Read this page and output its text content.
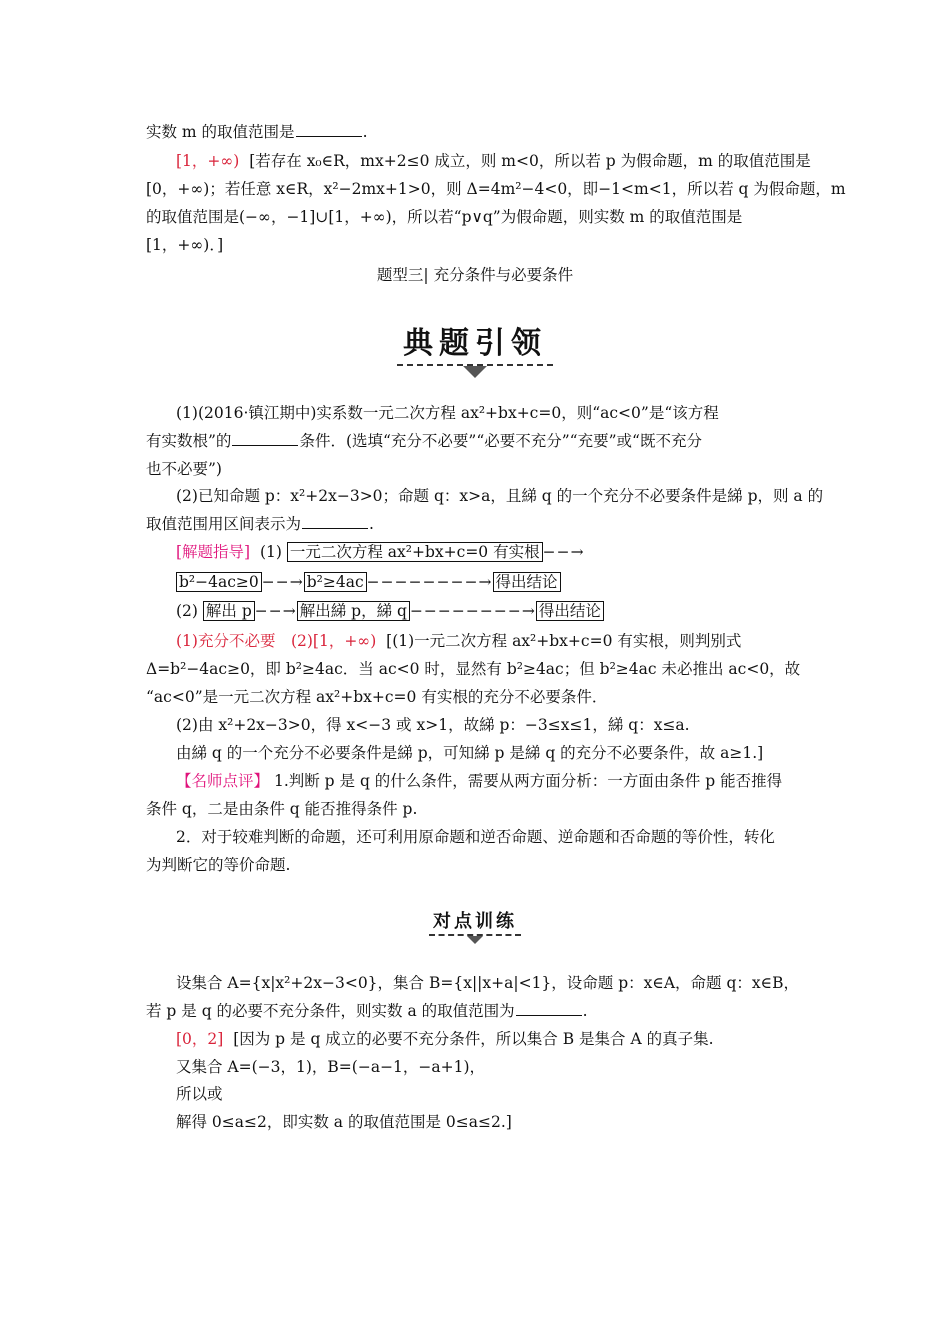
实数 m 的取值范围是	.
[1，+∞) [若存在 x₀∈R，mx+2≤0 成立，则 m<0，所以若 p 为假命题，m 的取值范围是
[0，+∞)；若任意 x∈R，x²−2mx+1>0，则 Δ=4m²−4<0，即−1<m<1，所以若 q 为假命题，m
的取值范围是(−∞，−1]∪[1，+∞)，所以若“p∨q”为假命题，则实数 m 的取值范围是
[1，+∞)．]
题型三| 充分条件与必要条件
典题引领
(1)(2016·镇江期中)实系数一元二次方程 ax²+bx+c=0，则“ac<0”是“该方程
有实数根”的	条件．(选填“充分不必要”“必要不充分”“充要”或“既不充分
也不必要”)
(2)已知命题 p：x²+2x−3>0；命题 q：x>a，且綈 q 的一个充分不必要条件是綈 p，则 a 的
取值范围用区间表示为	.
[解题指导] (1) 一元二次方程 ax²+bx+c=0 有实根 −−→
b²−4ac≥0 −−→ b²≥4ac −−−−−−−−→ 得出结论
(2) 解出 p −−→ 解出綈 p，綈 q −−−−−−−−→ 得出结论
(1)充分不必要　(2)[1，+∞) [(1)一元二次方程 ax²+bx+c=0 有实根，则判别式
Δ=b²−4ac≥0，即 b²≥4ac．当 ac<0 时，显然有 b²≥4ac；但 b²≥4ac 未必推出 ac<0，故
“ac<0”是一元二次方程 ax²+bx+c=0 有实根的充分不必要条件．
(2)由 x²+2x−3>0，得 x<−3 或 x>1，故綈 p：−3≤x≤1，綈 q：x≤a.
由綈 q 的一个充分不必要条件是綈 p，可知綈 p 是綈 q 的充分不必要条件，故 a≥1.]
【名师点评】 1.判断 p 是 q 的什么条件，需要从两方面分析：一方面由条件 p 能否推得
条件 q，二是由条件 q 能否推得条件 p.
2．对于较难判断的命题，还可利用原命题和逆否命题、逆命题和否命题的等价性，转化
为判断它的等价命题.
对点训练
设集合 A={x|x²+2x−3<0}，集合 B={x||x+a|<1}，设命题 p：x∈A，命题 q：x∈B，
若 p 是 q 的必要不充分条件，则实数 a 的取值范围为	.
[0，2] [因为 p 是 q 成立的必要不充分条件，所以集合 B 是集合 A 的真子集.
又集合 A=(−3，1)，B=(−a−1，−a+1)，
所以或
解得 0≤a≤2，即实数 a 的取值范围是 0≤a≤2.]
